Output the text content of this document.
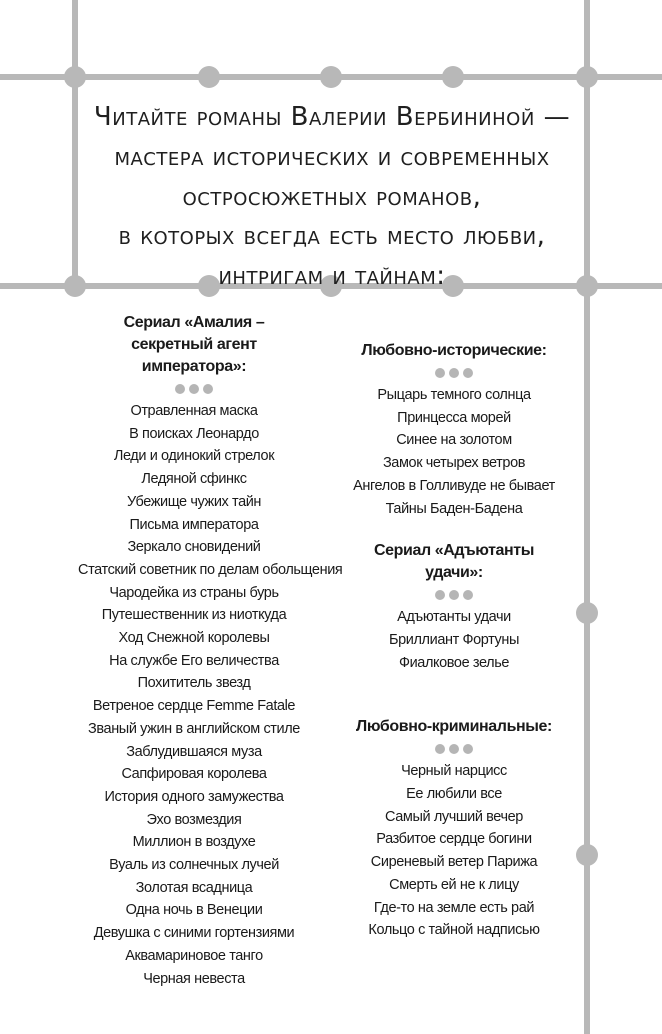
Читайте романы Валерии Вербининой —
мастера исторических и современных
остросюжетных романов,
в которых всегда есть место любви,
интригам и тайнам:
Сериал «Амалия –
секретный агент императора»:
Отравленная маска
В поисках Леонардо
Леди и одинокий стрелок
Ледяной сфинкс
Убежище чужих тайн
Письма императора
Зеркало сновидений
Статский советник по делам обольщения
Чародейка из страны бурь
Путешественник из ниоткуда
Ход Снежной королевы
На службе Его величества
Похититель звезд
Ветреное сердце Femme Fatale
Званый ужин в английском стиле
Заблудившаяся муза
Сапфировая королева
История одного замужества
Эхо возмездия
Миллион в воздухе
Вуаль из солнечных лучей
Золотая всадница
Одна ночь в Венеции
Девушка с синими гортензиями
Аквамариновое танго
Черная невеста
Любовно-исторические:
Рыцарь темного солнца
Принцесса морей
Синее на золотом
Замок четырех ветров
Ангелов в Голливуде не бывает
Тайны Баден-Бадена
Сериал «Адъютанты удачи»:
Адъютанты удачи
Бриллиант Фортуны
Фиалковое зелье
Любовно-криминальные:
Черный нарцисс
Ее любили все
Самый лучший вечер
Разбитое сердце богини
Сиреневый ветер Парижа
Смерть ей не к лицу
Где-то на земле есть рай
Кольцо с тайной надписью
